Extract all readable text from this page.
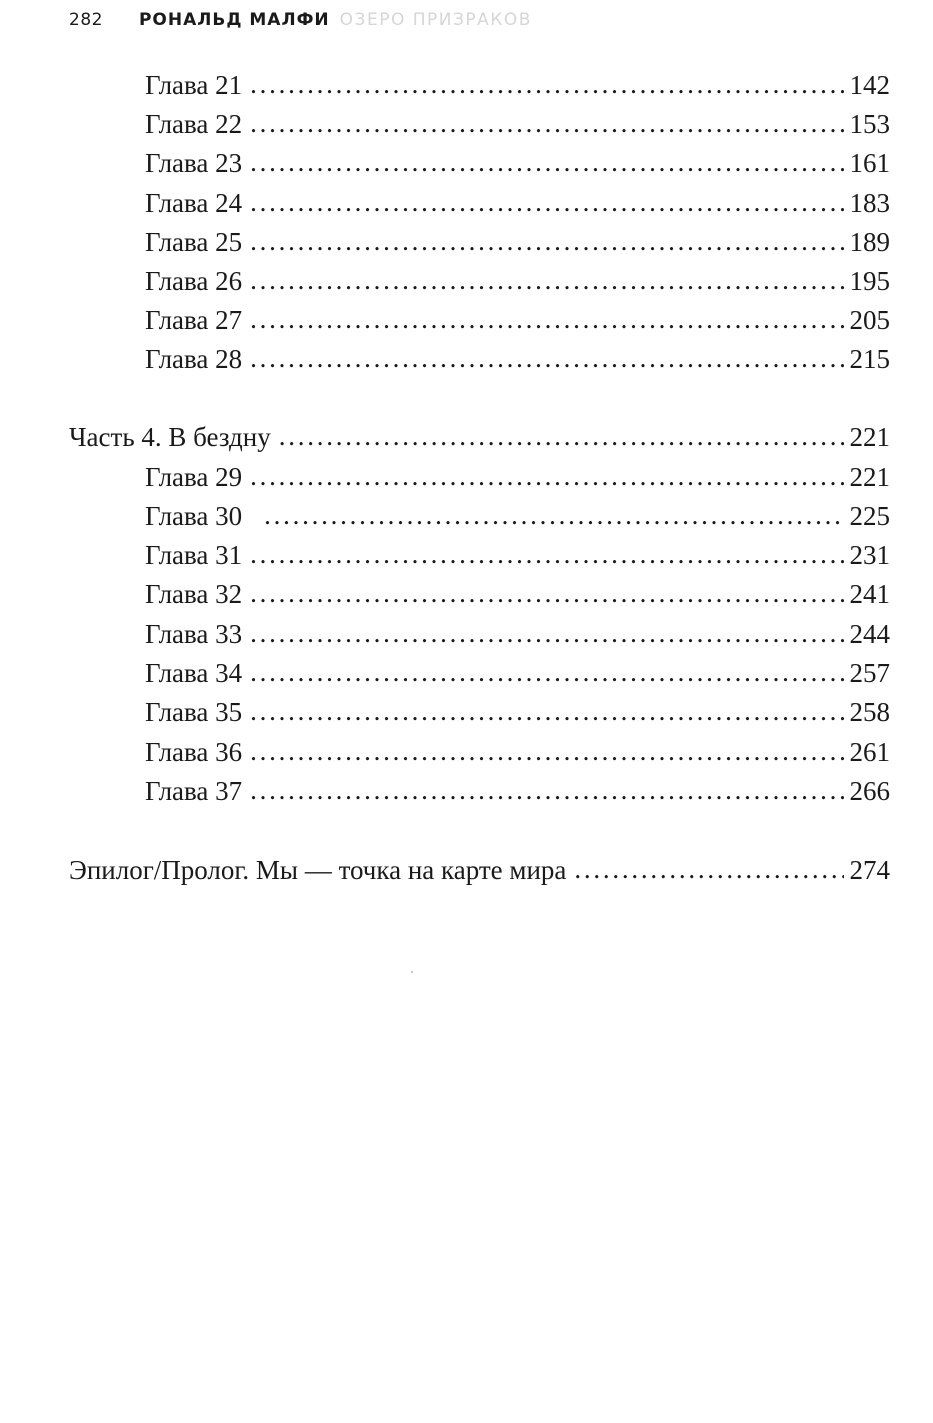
282 РОНАЛЬД МАЛФИ ОЗЕРО ПРИЗРАКОВ
Глава 21 . . .	142
Глава 22 . . .	153
Глава 23 . . .	161
Глава 24 . . .	183
Глава 25 . . .	189
Глава 26 . . .	195
Глава 27 . . .	205
Глава 28 . . .	215
Часть 4. В бездну . . .	221
Глава 29 . . .	221
Глава 30 . . .	225
Глава 31 . . .	231
Глава 32 . . .	241
Глава 33 . . .	244
Глава 34 . . .	257
Глава 35 . . .	258
Глава 36 . . .	261
Глава 37 . . .	266
Эпилог/Пролог. Мы — точка на карте мира . . .	274
